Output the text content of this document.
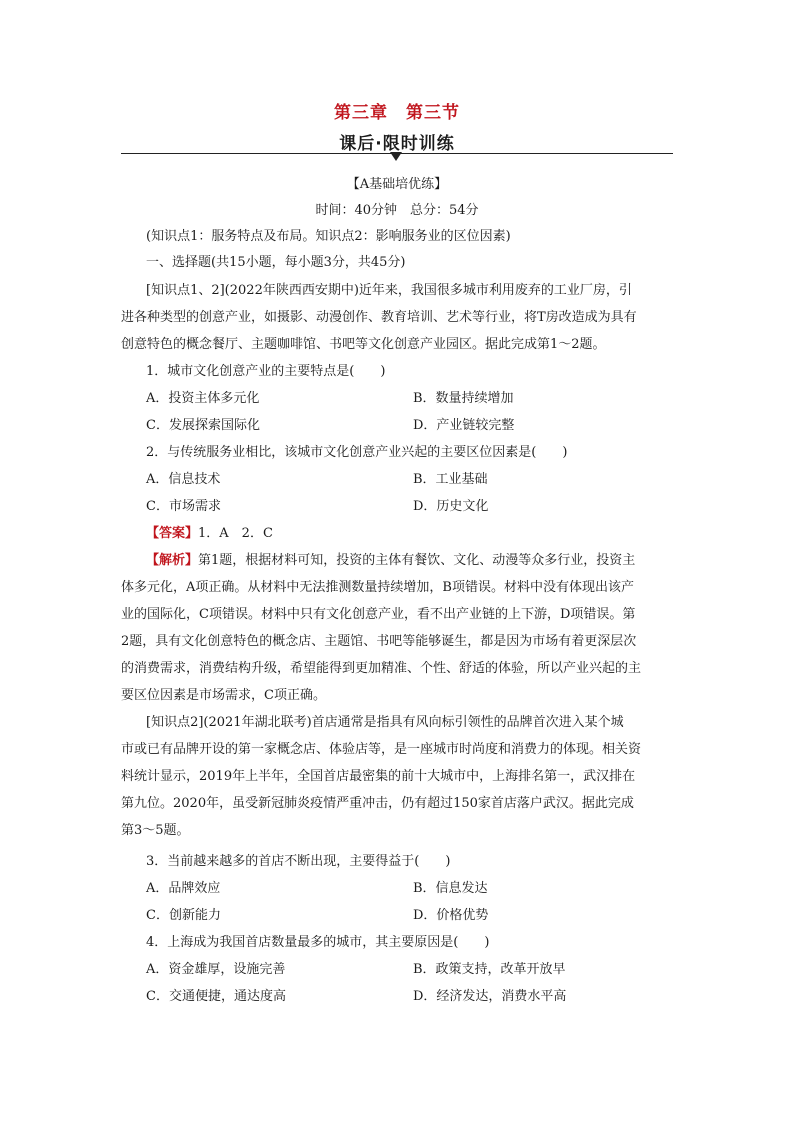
第三章　第三节
课后·限时训练
【A基础培优练】
时间：40分钟　总分：54分
(知识点1：服务特点及布局。知识点2：影响服务业的区位因素)
一、选择题(共15小题，每小题3分，共45分)
[知识点1、2](2022年陕西西安期中)近年来，我国很多城市利用废弃的工业厂房，引
进各种类型的创意产业，如摄影、动漫创作、教育培训、艺术等行业，将T房改造成为具有
创意特色的概念餐厅、主题咖啡馆、书吧等文化创意产业园区。据此完成第1～2题。
1．城市文化创意产业的主要特点是(　　)
A．投资主体多元化	B．数量持续增加
C．发展探索国际化	D．产业链较完整
2．与传统服务业相比，该城市文化创意产业兴起的主要区位因素是(　　)
A．信息技术	B．工业基础
C．市场需求	D．历史文化
【答案】1．A　2．C
【解析】第1题，根据材料可知，投资的主体有餐饮、文化、动漫等众多行业，投资主
体多元化，A项正确。从材料中无法推测数量持续增加，B项错误。材料中没有体现出该产
业的国际化，C项错误。材料中只有文化创意产业，看不出产业链的上下游，D项错误。第
2题，具有文化创意特色的概念店、主题馆、书吧等能够诞生，都是因为市场有着更深层次
的消费需求，消费结构升级，希望能得到更加精准、个性、舒适的体验，所以产业兴起的主
要区位因素是市场需求，C项正确。
[知识点2](2021年湖北联考)首店通常是指具有风向标引领性的品牌首次进入某个城
市或已有品牌开设的第一家概念店、体验店等，是一座城市时尚度和消费力的体现。相关资
料统计显示，2019年上半年，全国首店最密集的前十大城市中，上海排名第一，武汉排在
第九位。2020年，虽受新冠肺炎疫情严重冲击，仍有超过150家首店落户武汉。据此完成
第3～5题。
3．当前越来越多的首店不断出现，主要得益于(　　)
A．品牌效应	B．信息发达
C．创新能力	D．价格优势
4．上海成为我国首店数量最多的城市，其主要原因是(　　)
A．资金雄厚，设施完善	B．政策支持，改革开放早
C．交通便捷，通达度高	D．经济发达，消费水平高
